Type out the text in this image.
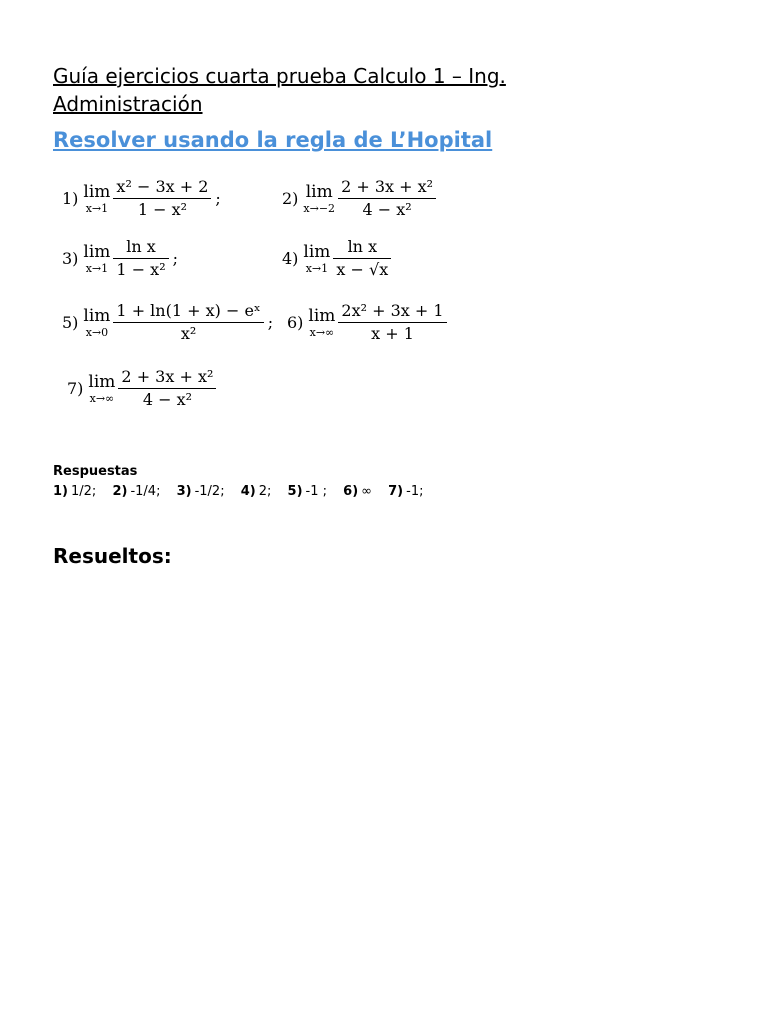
Guía ejercicios cuarta prueba Calculo 1 – Ing. Administración
Resolver usando la regla de L’Hopital
1) lim
$x\to 1 \frac{\text{x² − 3x + 2}}{\text{1 − x²}}$ ;	2) lim
$x\to-2 \frac{\text{2 + 3x + x²}}{\text{4 − x²}}$
3) lim
$x\to 1 \frac{\text{ln x}}{\text{1 − x²}}$ ;	4) lim
$x\to 1 \frac{\text{ln x}}{x - √x}$
5) lim
$x\to 0 \frac{\text{1 + ln(1 + x) − eˣ}}{\text{x²}}$ ; 6) lim
$x\to\infty \frac{\text{2x² + 3x + 1}}{x + 1}$
7) lim
$x\to\infty \frac{\text{2 + 3x + x²}}{\text{4 − x²}}$
Respuestas
1) 1/2; 2) -1/4; 3) -1/2; 4) 2; 5) -1 ; 6) ∞ 7) -1;
Resueltos:
